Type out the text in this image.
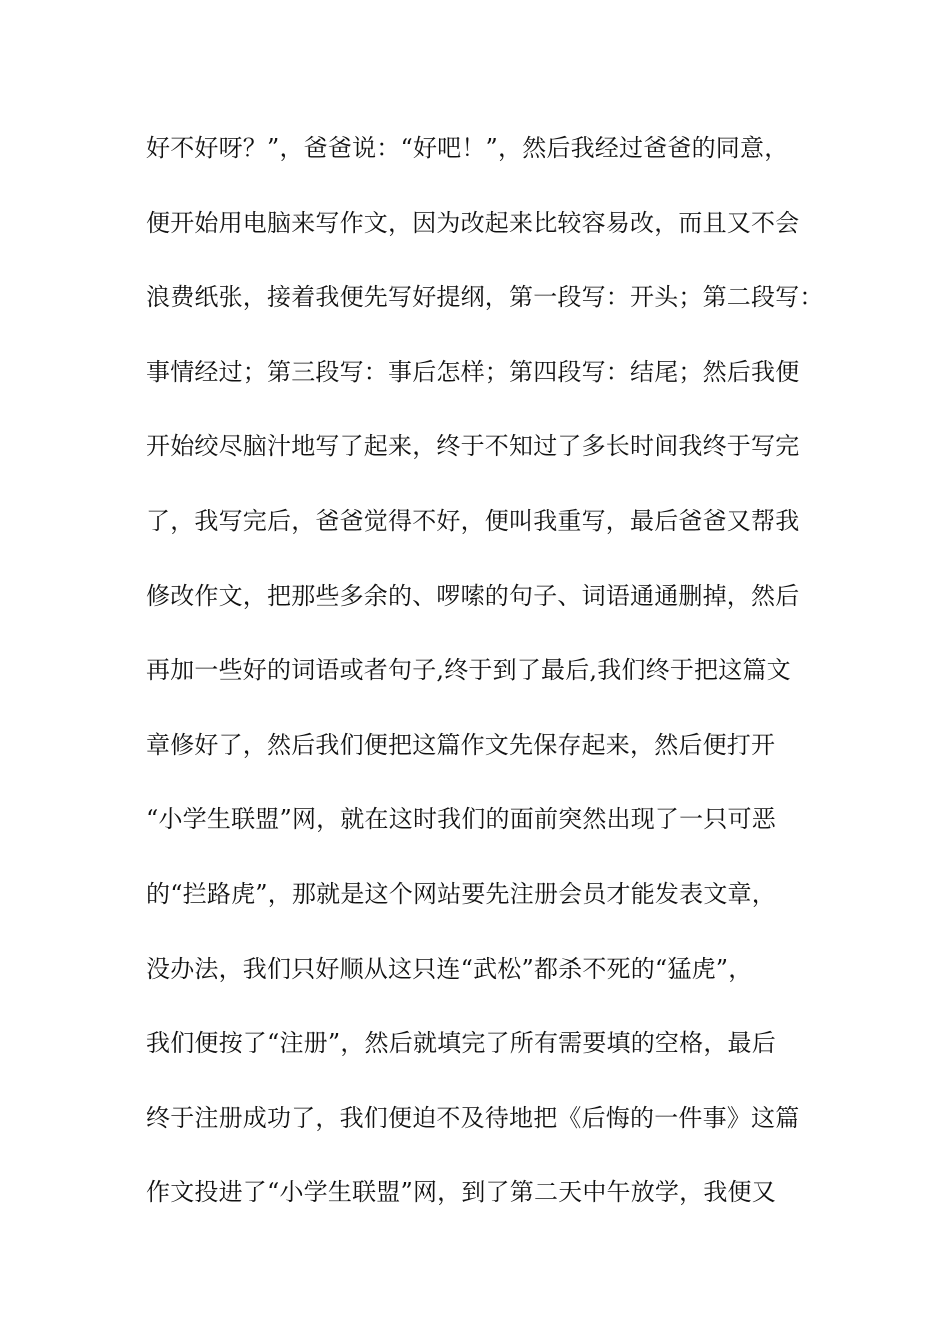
好不好呀？”，爸爸说：“好吧！”，然后我经过爸爸的同意，
便开始用电脑来写作文，因为改起来比较容易改，而且又不会
浪费纸张，接着我便先写好提纲，第一段写：开头；第二段写：
事情经过；第三段写：事后怎样；第四段写：结尾；然后我便
开始绞尽脑汁地写了起来，终于不知过了多长时间我终于写完
了，我写完后，爸爸觉得不好，便叫我重写，最后爸爸又帮我
修改作文，把那些多余的、啰嗦的句子、词语通通删掉，然后
再加一些好的词语或者句子,终于到了最后,我们终于把这篇文
章修好了，然后我们便把这篇作文先保存起来，然后便打开
“小学生联盟”网，就在这时我们的面前突然出现了一只可恶
的“拦路虎”，那就是这个网站要先注册会员才能发表文章，
没办法，我们只好顺从这只连“武松”都杀不死的“猛虎”，
我们便按了“注册”，然后就填完了所有需要填的空格，最后
终于注册成功了，我们便迫不及待地把《后悔的一件事》这篇
作文投进了“小学生联盟”网，到了第二天中午放学，我便又
